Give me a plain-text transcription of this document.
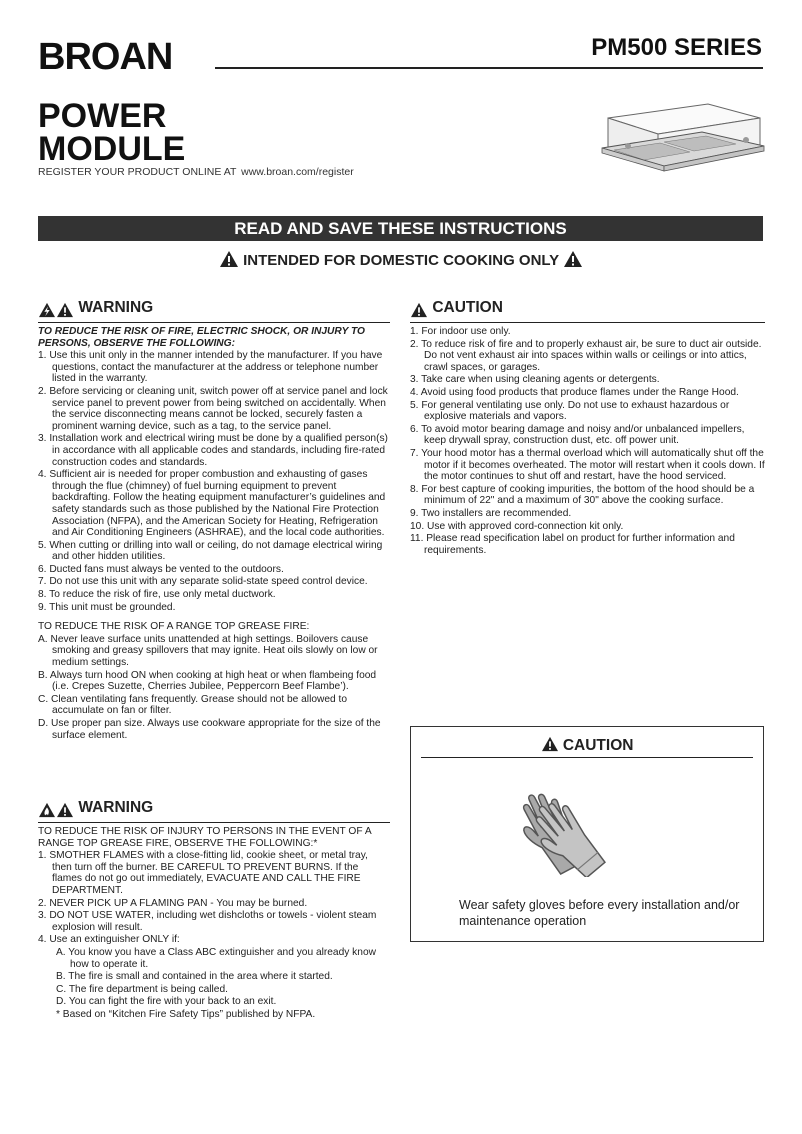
BROAN	PM500 SERIES
POWER
MODULE
REGISTER YOUR PRODUCT ONLINE AT www.broan.com/register
READ AND SAVE THESE INSTRUCTIONS
INTENDED FOR DOMESTIC COOKING ONLY
WARNING
TO REDUCE THE RISK OF FIRE, ELECTRIC SHOCK, OR INJURY TO PERSONS, OBSERVE THE FOLLOWING:
1. Use this unit only in the manner intended by the manufacturer. If you have questions, contact the manufacturer at the address or telephone number listed in the warranty.
2. Before servicing or cleaning unit, switch power off at service panel and lock service panel to prevent power from being switched on accidentally. When the service disconnecting means cannot be locked, securely fasten a prominent warning device, such as a tag, to the service panel.
3. Installation work and electrical wiring must be done by a qualified person(s) in accordance with all applicable codes and standards, including fire-rated construction codes and standards.
4. Sufficient air is needed for proper combustion and exhausting of gases through the flue (chimney) of fuel burning equipment to prevent backdrafting. Follow the heating equipment manufacturer’s guidelines and safety standards such as those published by the National Fire Protection Association (NFPA), and the American Society for Heating, Refrigeration and Air Conditioning Engineers (ASHRAE), and the local code authorities.
5. When cutting or drilling into wall or ceiling, do not damage electrical wiring and other hidden utilities.
6. Ducted fans must always be vented to the outdoors.
7. Do not use this unit with any separate solid-state speed control device.
8. To reduce the risk of fire, use only metal ductwork.
9. This unit must be grounded.
TO REDUCE THE RISK OF A RANGE TOP GREASE FIRE:
A. Never leave surface units unattended at high settings. Boilovers cause smoking and greasy spillovers that may ignite. Heat oils slowly on low or medium settings.
B. Always turn hood ON when cooking at high heat or when flambeing food (i.e. Crepes Suzette, Cherries Jubilee, Peppercorn Beef Flambe’).
C. Clean ventilating fans frequently. Grease should not be allowed to accumulate on fan or filter.
D. Use proper pan size. Always use cookware appropriate for the size of the surface element.
WARNING
TO REDUCE THE RISK OF INJURY TO PERSONS IN THE EVENT OF A RANGE TOP GREASE FIRE, OBSERVE THE FOLLOWING:*
1. SMOTHER FLAMES with a close-fitting lid, cookie sheet, or metal tray, then turn off the burner. BE CAREFUL TO PREVENT BURNS. If the flames do not go out immediately, EVACUATE AND CALL THE FIRE DEPARTMENT.
2. NEVER PICK UP A FLAMING PAN - You may be burned.
3. DO NOT USE WATER, including wet dishcloths or towels - violent steam explosion will result.
4. Use an extinguisher ONLY if:
A. You know you have a Class ABC extinguisher and you already know how to operate it.
B. The fire is small and contained in the area where it started.
C. The fire department is being called.
D. You can fight the fire with your back to an exit.
* Based on “Kitchen Fire Safety Tips” published by NFPA.
CAUTION
1. For indoor use only.
2. To reduce risk of fire and to properly exhaust air, be sure to duct air outside. Do not vent exhaust air into spaces within walls or ceilings or into attics, crawl spaces, or garages.
3. Take care when using cleaning agents or detergents.
4. Avoid using food products that produce flames under the Range Hood.
5. For general ventilating use only. Do not use to exhaust hazardous or explosive materials and vapors.
6. To avoid motor bearing damage and noisy and/or unbalanced impellers, keep drywall spray, construction dust, etc. off power unit.
7. Your hood motor has a thermal overload which will automatically shut off the motor if it becomes overheated. The motor will restart when it cools down. If the motor continues to shut off and restart, have the hood serviced.
8. For best capture of cooking impurities, the bottom of the hood should be a minimum of 22" and a maximum of 30" above the cooking surface.
9. Two installers are recommended.
10. Use with approved cord-connection kit only.
11. Please read specification label on product for further information and requirements.
CAUTION
Wear safety gloves before every installation and/or maintenance operation
